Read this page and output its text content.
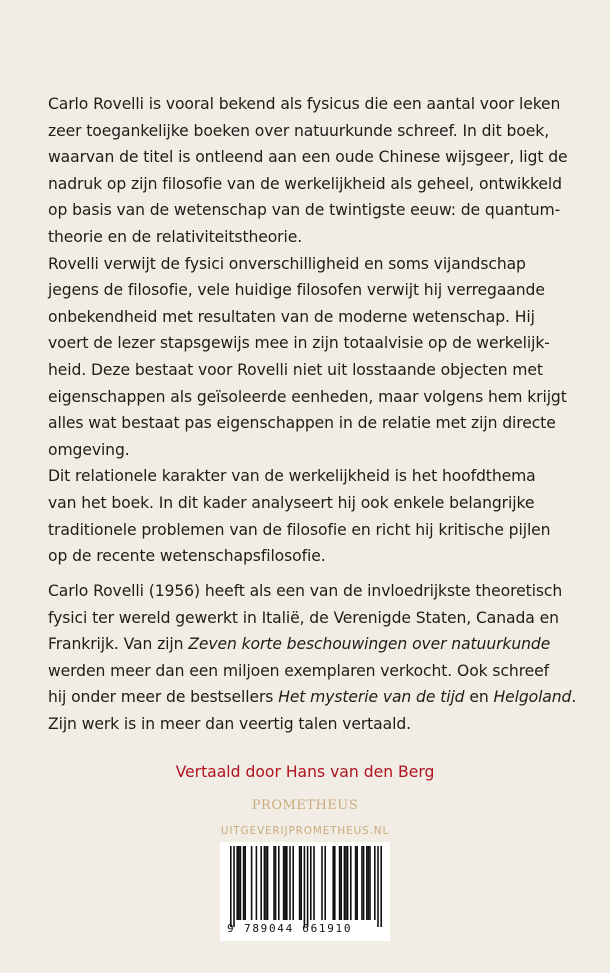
Carlo Rovelli is vooral bekend als fysicus die een aantal voor leken
zeer toegankelijke boeken over natuurkunde schreef. In dit boek,
waarvan de titel is ontleend aan een oude Chinese wijsgeer, ligt de
nadruk op zijn filosofie van de werkelijkheid als geheel, ontwikkeld
op basis van de wetenschap van de twintigste eeuw: de quantum-
theorie en de relativiteitstheorie.
Rovelli verwijt de fysici onverschilligheid en soms vijandschap
jegens de filosofie, vele huidige filosofen verwijt hij verregaande
onbekendheid met resultaten van de moderne wetenschap. Hij
voert de lezer stapsgewijs mee in zijn totaalvisie op de werkelijk-
heid. Deze bestaat voor Rovelli niet uit losstaande objecten met
eigenschappen als geïsoleerde eenheden, maar volgens hem krijgt
alles wat bestaat pas eigenschappen in de relatie met zijn directe
omgeving.
Dit relationele karakter van de werkelijkheid is het hoofdthema
van het boek. In dit kader analyseert hij ook enkele belangrijke
traditionele problemen van de filosofie en richt hij kritische pijlen
op de recente wetenschapsfilosofie.
Carlo Rovelli (1956) heeft als een van de invloedrijkste theoretisch
fysici ter wereld gewerkt in Italië, de Verenigde Staten, Canada en
Frankrijk. Van zijn Zeven korte beschouwingen over natuurkunde
werden meer dan een miljoen exemplaren verkocht. Ook schreef
hij onder meer de bestsellers Het mysterie van de tijd en Helgoland.
Zijn werk is in meer dan veertig talen vertaald.
Vertaald door Hans van den Berg
PROMETHEUS
UITGEVERIJPROMETHEUS.NL
9 789044 661910
